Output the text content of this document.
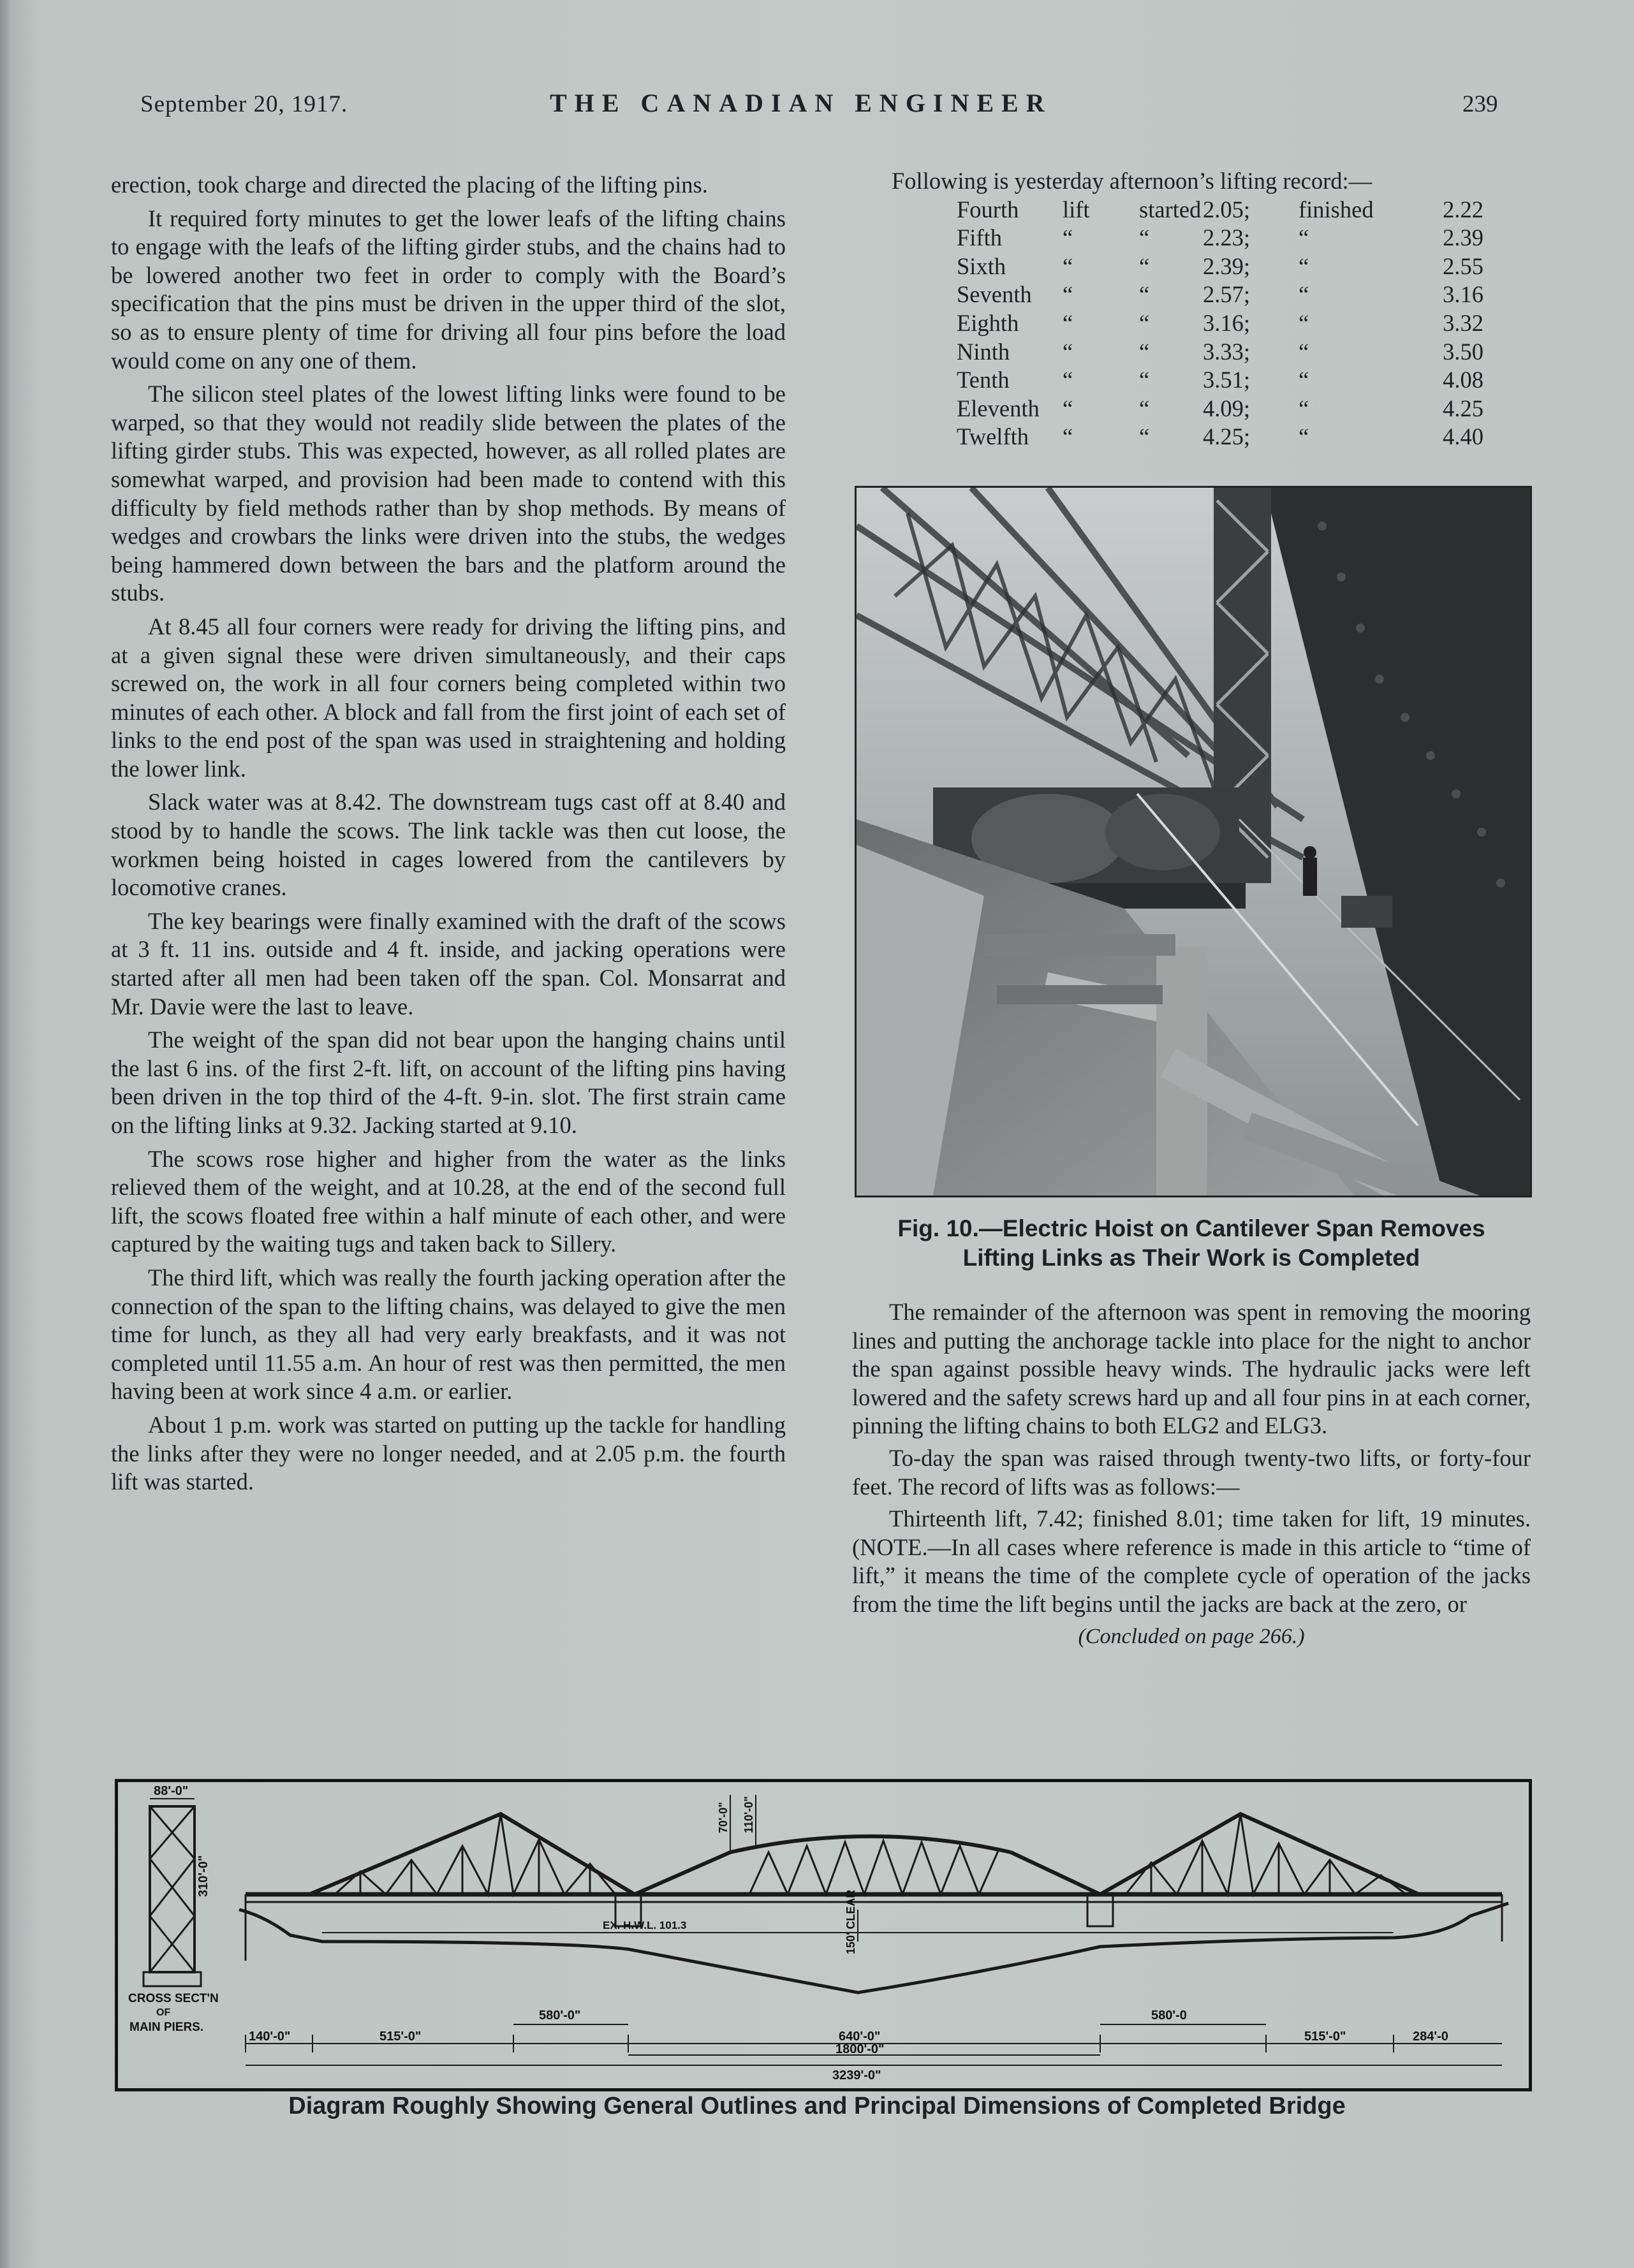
September 20, 1917.	THE CANADIAN ENGINEER	239

erection, took charge and directed the placing of the lifting pins.

It required forty minutes to get the lower leafs of the lifting chains to engage with the leafs of the lifting girder stubs, and the chains had to be lowered another two feet in order to comply with the Board’s specification that the pins must be driven in the upper third of the slot, so as to ensure plenty of time for driving all four pins before the load would come on any one of them.

The silicon steel plates of the lowest lifting links were found to be warped, so that they would not readily slide between the plates of the lifting girder stubs. This was expected, however, as all rolled plates are somewhat warped, and provision had been made to contend with this difficulty by field methods rather than by shop methods. By means of wedges and crowbars the links were driven into the stubs, the wedges being hammered down between the bars and the platform around the stubs.

At 8.45 all four corners were ready for driving the lifting pins, and at a given signal these were driven simultaneously, and their caps screwed on, the work in all four corners being completed within two minutes of each other. A block and fall from the first joint of each set of links to the end post of the span was used in straightening and holding the lower link.

Slack water was at 8.42. The downstream tugs cast off at 8.40 and stood by to handle the scows. The link tackle was then cut loose, the workmen being hoisted in cages lowered from the cantilevers by locomotive cranes.

The key bearings were finally examined with the draft of the scows at 3 ft. 11 ins. outside and 4 ft. inside, and jacking operations were started after all men had been taken off the span. Col. Monsarrat and Mr. Davie were the last to leave.

The weight of the span did not bear upon the hanging chains until the last 6 ins. of the first 2-ft. lift, on account of the lifting pins having been driven in the top third of the 4-ft. 9-in. slot. The first strain came on the lifting links at 9.32. Jacking started at 9.10.

The scows rose higher and higher from the water as the links relieved them of the weight, and at 10.28, at the end of the second full lift, the scows floated free within a half minute of each other, and were captured by the waiting tugs and taken back to Sillery.

The third lift, which was really the fourth jacking operation after the connection of the span to the lifting chains, was delayed to give the men time for lunch, as they all had very early breakfasts, and it was not completed until 11.55 a.m. An hour of rest was then permitted, the men having been at work since 4 a.m. or earlier.

About 1 p.m. work was started on putting up the tackle for handling the links after they were no longer needed, and at 2.05 p.m. the fourth lift was started.

Following is yesterday afternoon’s lifting record:—
Fourth	lift	started	2.05;	finished	2.22
Fifth	“	“	2.23;	“	2.39
Sixth	“	“	2.39;	“	2.55
Seventh	“	“	2.57;	“	3.16
Eighth	“	“	3.16;	“	3.32
Ninth	“	“	3.33;	“	3.50
Tenth	“	“	3.51;	“	4.08
Eleventh	“	“	4.09;	“	4.25
Twelfth	“	“	4.25;	“	4.40
Fig. 10.—Electric Hoist on Cantilever Span Removes
Lifting Links as Their Work is Completed

The remainder of the afternoon was spent in removing the mooring lines and putting the anchorage tackle into place for the night to anchor the span against possible heavy winds. The hydraulic jacks were left lowered and the safety screws hard up and all four pins in at each corner, pinning the lifting chains to both ELG2 and ELG3.

To-day the span was raised through twenty-two lifts, or forty-four feet. The record of lifts was as follows:—

Thirteenth lift, 7.42; finished 8.01; time taken for lift, 19 minutes. (NOTE.—In all cases where reference is made in this article to “time of lift,” it means the time of the complete cycle of operation of the jacks from the time the lift begins until the jacks are back at the zero, or

(Concluded on page 266.)
88'-0"
310'-0"
CROSS SECT'N
OF
MAIN PIERS.
70'-0" 110'-0"
150' CLEAR
EX. H.W.L. 101.3
140'-0"	515'-0"
580'-0"
640'-0"
580'-0
515'-0"	284'-0
1800'-0"
3239'-0"
Diagram Roughly Showing General Outlines and Principal Dimensions of Completed Bridge
